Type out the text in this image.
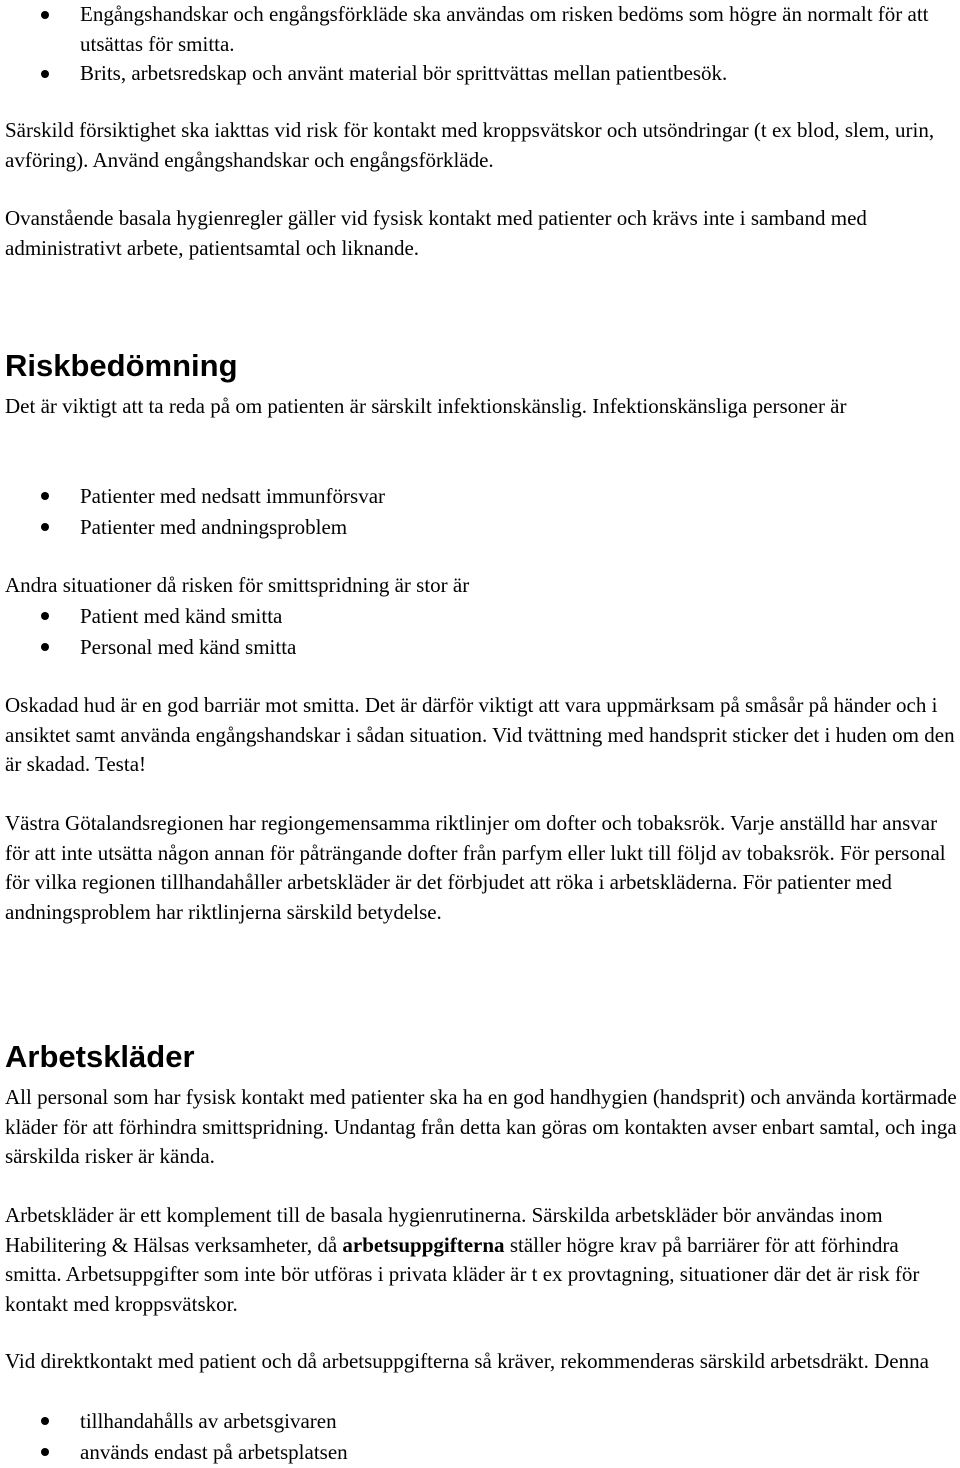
Engångshandskar och engångsförkläde ska användas om risken bedöms som högre än normalt för att utsättas för smitta.
Brits, arbetsredskap och använt material bör sprittvättas mellan patientbesök.

Särskild försiktighet ska iakttas vid risk för kontakt med kroppsvätskor och utsöndringar (t ex blod, slem, urin, avföring). Använd engångshandskar och engångsförkläde.

Ovanstående basala hygienregler gäller vid fysisk kontakt med patienter och krävs inte i samband med administrativt arbete, patientsamtal och liknande.

Riskbedömning

Det är viktigt att ta reda på om patienten är särskilt infektionskänslig. Infektionskänsliga personer är

Patienter med nedsatt immunförsvar
Patienter med andningsproblem

Andra situationer då risken för smittspridning är stor är

Patient med känd smitta
Personal med känd smitta

Oskadad hud är en god barriär mot smitta. Det är därför viktigt att vara uppmärksam på småsår på händer och i ansiktet samt använda engångshandskar i sådan situation. Vid tvättning med handsprit sticker det i huden om den är skadad. Testa!

Västra Götalandsregionen har regiongemensamma riktlinjer om dofter och tobaksrök. Varje anställd har ansvar för att inte utsätta någon annan för påträngande dofter från parfym eller lukt till följd av tobaksrök. För personal för vilka regionen tillhandahåller arbetskläder är det förbjudet att röka i arbetskläderna. För patienter med andningsproblem har riktlinjerna särskild betydelse.

Arbetskläder

All personal som har fysisk kontakt med patienter ska ha en god handhygien (handsprit) och använda kortärmade kläder för att förhindra smittspridning. Undantag från detta kan göras om kontakten avser enbart samtal, och inga särskilda risker är kända.

Arbetskläder är ett komplement till de basala hygienrutinerna. Särskilda arbetskläder bör användas inom Habilitering & Hälsas verksamheter, då arbetsuppgifterna ställer högre krav på barriärer för att förhindra smitta. Arbetsuppgifter som inte bör utföras i privata kläder är t ex provtagning, situationer där det är risk för kontakt med kroppsvätskor.

Vid direktkontakt med patient och då arbetsuppgifterna så kräver, rekommenderas särskild arbetsdräkt. Denna

tillhandahålls av arbetsgivaren
används endast på arbetsplatsen
